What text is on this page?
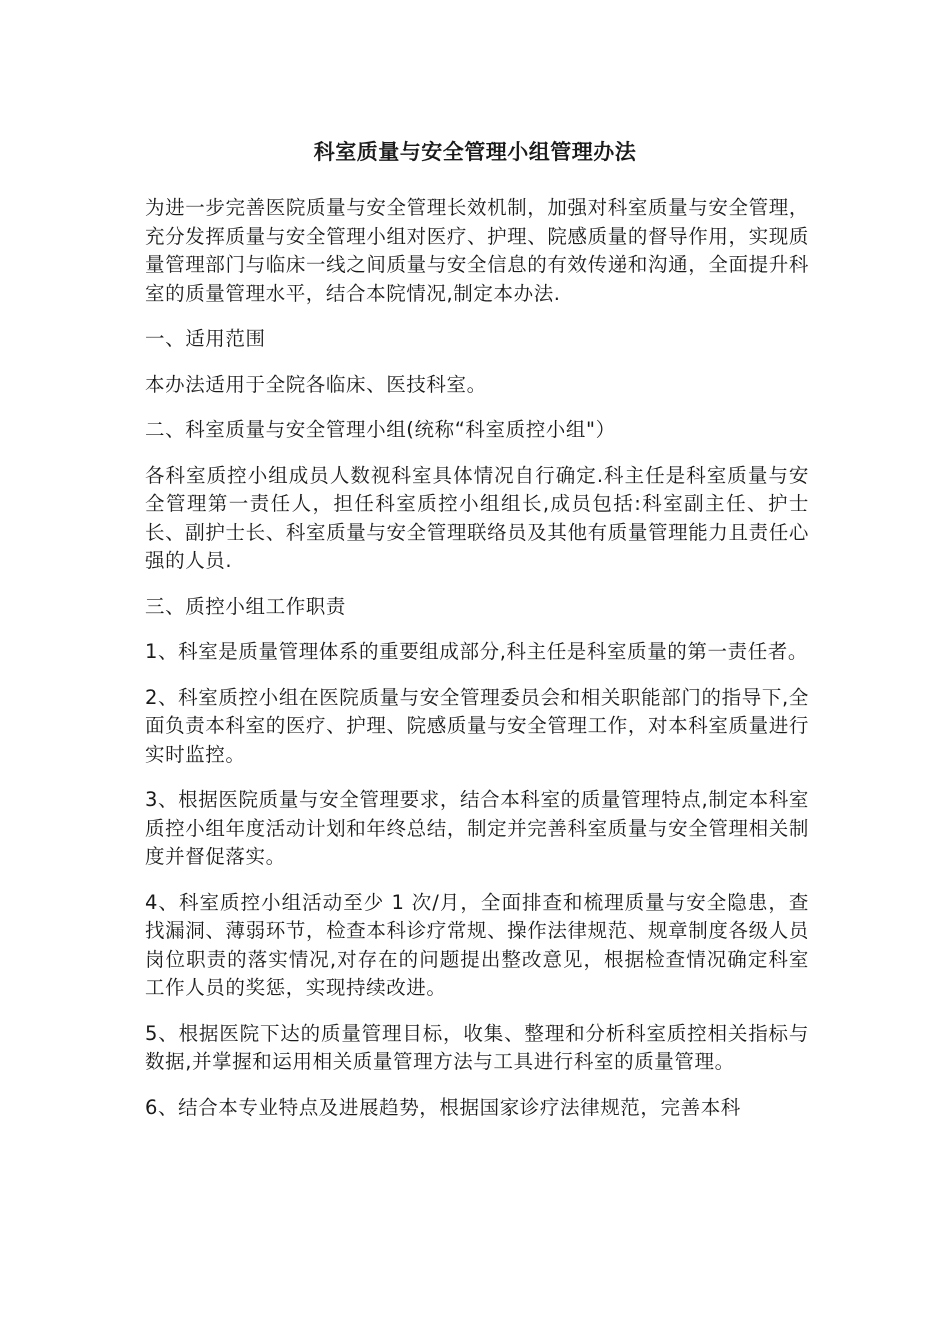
科室质量与安全管理小组管理办法

为进一步完善医院质量与安全管理长效机制，加强对科室质量与安全管理，充分发挥质量与安全管理小组对医疗、护理、院感质量的督导作用，实现质量管理部门与临床一线之间质量与安全信息的有效传递和沟通，全面提升科室的质量管理水平，结合本院情况,制定本办法.

一、适用范围

本办法适用于全院各临床、医技科室。

二、科室质量与安全管理小组(统称“科室质控小组"）

各科室质控小组成员人数视科室具体情况自行确定.科主任是科室质量与安全管理第一责任人，担任科室质控小组组长,成员包括:科室副主任、护士长、副护士长、科室质量与安全管理联络员及其他有质量管理能力且责任心强的人员.

三、质控小组工作职责

1、科室是质量管理体系的重要组成部分,科主任是科室质量的第一责任者。

2、科室质控小组在医院质量与安全管理委员会和相关职能部门的指导下,全面负责本科室的医疗、护理、院感质量与安全管理工作，对本科室质量进行实时监控。

3、根据医院质量与安全管理要求，结合本科室的质量管理特点,制定本科室质控小组年度活动计划和年终总结，制定并完善科室质量与安全管理相关制度并督促落实。

4、科室质控小组活动至少 1 次/月，全面排查和梳理质量与安全隐患，查找漏洞、薄弱环节，检查本科诊疗常规、操作法律规范、规章制度各级人员岗位职责的落实情况,对存在的问题提出整改意见，根据检查情况确定科室工作人员的奖惩，实现持续改进。

5、根据医院下达的质量管理目标，收集、整理和分析科室质控相关指标与数据,并掌握和运用相关质量管理方法与工具进行科室的质量管理。

6、结合本专业特点及进展趋势，根据国家诊疗法律规范，完善本科
